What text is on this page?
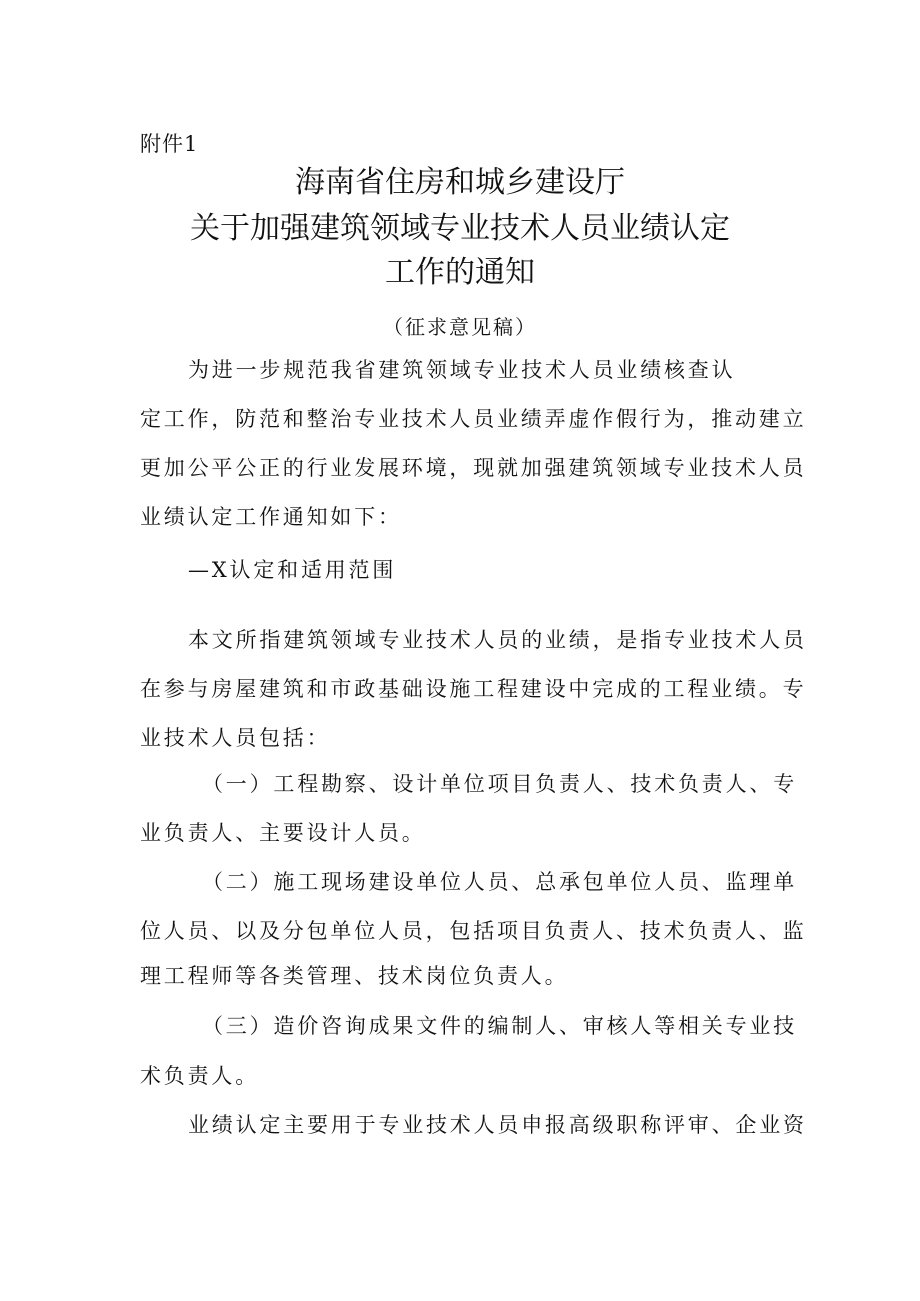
附件1
海南省住房和城乡建设厅
关于加强建筑领域专业技术人员业绩认定
工作的通知
（征求意见稿）
为进一步规范我省建筑领域专业技术人员业绩核查认
定工作，防范和整治专业技术人员业绩弄虚作假行为，推动建立
更加公平公正的行业发展环境，现就加强建筑领域专业技术人员
业绩认定工作通知如下：
—X认定和适用范围
本文所指建筑领域专业技术人员的业绩，是指专业技术人员
在参与房屋建筑和市政基础设施工程建设中完成的工程业绩。专
业技术人员包括：
（一）工程勘察、设计单位项目负责人、技术负责人、专
业负责人、主要设计人员。
（二）施工现场建设单位人员、总承包单位人员、监理单
位人员、以及分包单位人员，包括项目负责人、技术负责人、监
理工程师等各类管理、技术岗位负责人。
（三）造价咨询成果文件的编制人、审核人等相关专业技
术负责人。
业绩认定主要用于专业技术人员申报高级职称评审、企业资
